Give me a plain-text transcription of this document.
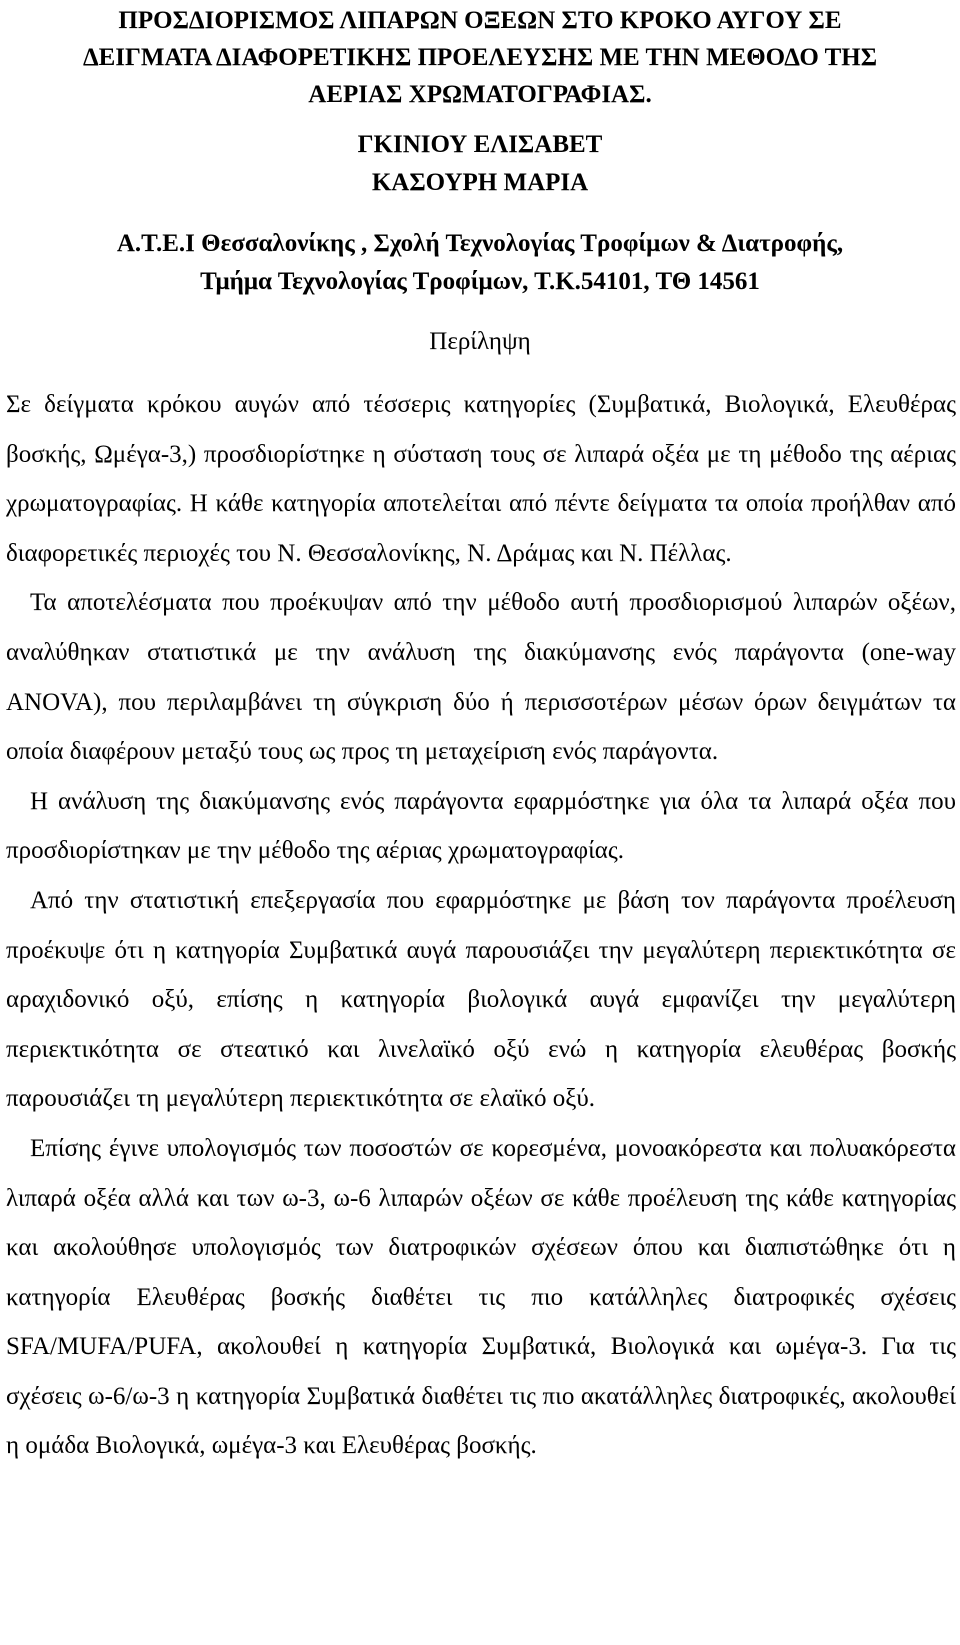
ΠΡΟΣΔΙΟΡΙΣΜΟΣ ΛΙΠΑΡΩΝ ΟΞΕΩΝ ΣΤΟ ΚΡΟΚΟ ΑΥΓΟΥ ΣΕ
ΔΕΙΓΜΑΤΑ ΔΙΑΦΟΡΕΤΙΚΗΣ ΠΡΟΕΛΕΥΣΗΣ ΜΕ ΤΗΝ ΜΕΘΟΔΟ ΤΗΣ
ΑΕΡΙΑΣ ΧΡΩΜΑΤΟΓΡΑΦΙΑΣ.
ΓΚΙΝΙΟΥ ΕΛΙΣΑΒΕΤ
ΚΑΣΟΥΡΗ ΜΑΡΙΑ
Α.Τ.Ε.Ι Θεσσαλονίκης , Σχολή Τεχνολογίας Τροφίμων & Διατροφής,
Τμήμα Τεχνολογίας Τροφίμων, Τ.Κ.54101, ΤΘ 14561
Περίληψη

Σε δείγματα κρόκου αυγών από τέσσερις κατηγορίες (Συμβατικά, Βιολογικά, Ελευθέρας βοσκής, Ωμέγα-3,) προσδιορίστηκε η σύσταση τους σε λιπαρά οξέα με τη μέθοδο της αέριας χρωματογραφίας. Η κάθε κατηγορία αποτελείται από πέντε δείγματα τα οποία προήλθαν από διαφορετικές περιοχές του Ν. Θεσσαλονίκης, Ν. Δράμας και Ν. Πέλλας.

Τα αποτελέσματα που προέκυψαν από την μέθοδο αυτή προσδιορισμού λιπαρών οξέων, αναλύθηκαν στατιστικά με την ανάλυση της διακύμανσης ενός παράγοντα (one-way ANOVA), που περιλαμβάνει τη σύγκριση δύο ή περισσοτέρων μέσων όρων δειγμάτων τα οποία διαφέρουν μεταξύ τους ως προς τη μεταχείριση ενός παράγοντα.

Η ανάλυση της διακύμανσης ενός παράγοντα εφαρμόστηκε για όλα τα λιπαρά οξέα που προσδιορίστηκαν με την μέθοδο της αέριας χρωματογραφίας.

Από την στατιστική επεξεργασία που εφαρμόστηκε με βάση τον παράγοντα προέλευση προέκυψε ότι η κατηγορία Συμβατικά αυγά παρουσιάζει την μεγαλύτερη περιεκτικότητα σε αραχιδονικό οξύ, επίσης η κατηγορία βιολογικά αυγά εμφανίζει την μεγαλύτερη περιεκτικότητα σε στεατικό και λινελαϊκό οξύ ενώ η κατηγορία ελευθέρας βοσκής παρουσιάζει τη μεγαλύτερη περιεκτικότητα σε ελαϊκό οξύ.

Επίσης έγινε υπολογισμός των ποσοστών σε κορεσμένα, μονοακόρεστα και πολυακόρεστα λιπαρά οξέα αλλά και των ω-3, ω-6 λιπαρών οξέων σε κάθε προέλευση της κάθε κατηγορίας και ακολούθησε υπολογισμός των διατροφικών σχέσεων όπου και διαπιστώθηκε ότι η κατηγορία Ελευθέρας βοσκής διαθέτει τις πιο κατάλληλες διατροφικές σχέσεις SFA/MUFA/PUFA, ακολουθεί η κατηγορία Συμβατικά, Βιολογικά και ωμέγα-3. Για τις σχέσεις ω-6/ω-3 η κατηγορία Συμβατικά διαθέτει τις πιο ακατάλληλες διατροφικές, ακολουθεί η ομάδα Βιολογικά, ωμέγα-3 και Ελευθέρας βοσκής.
